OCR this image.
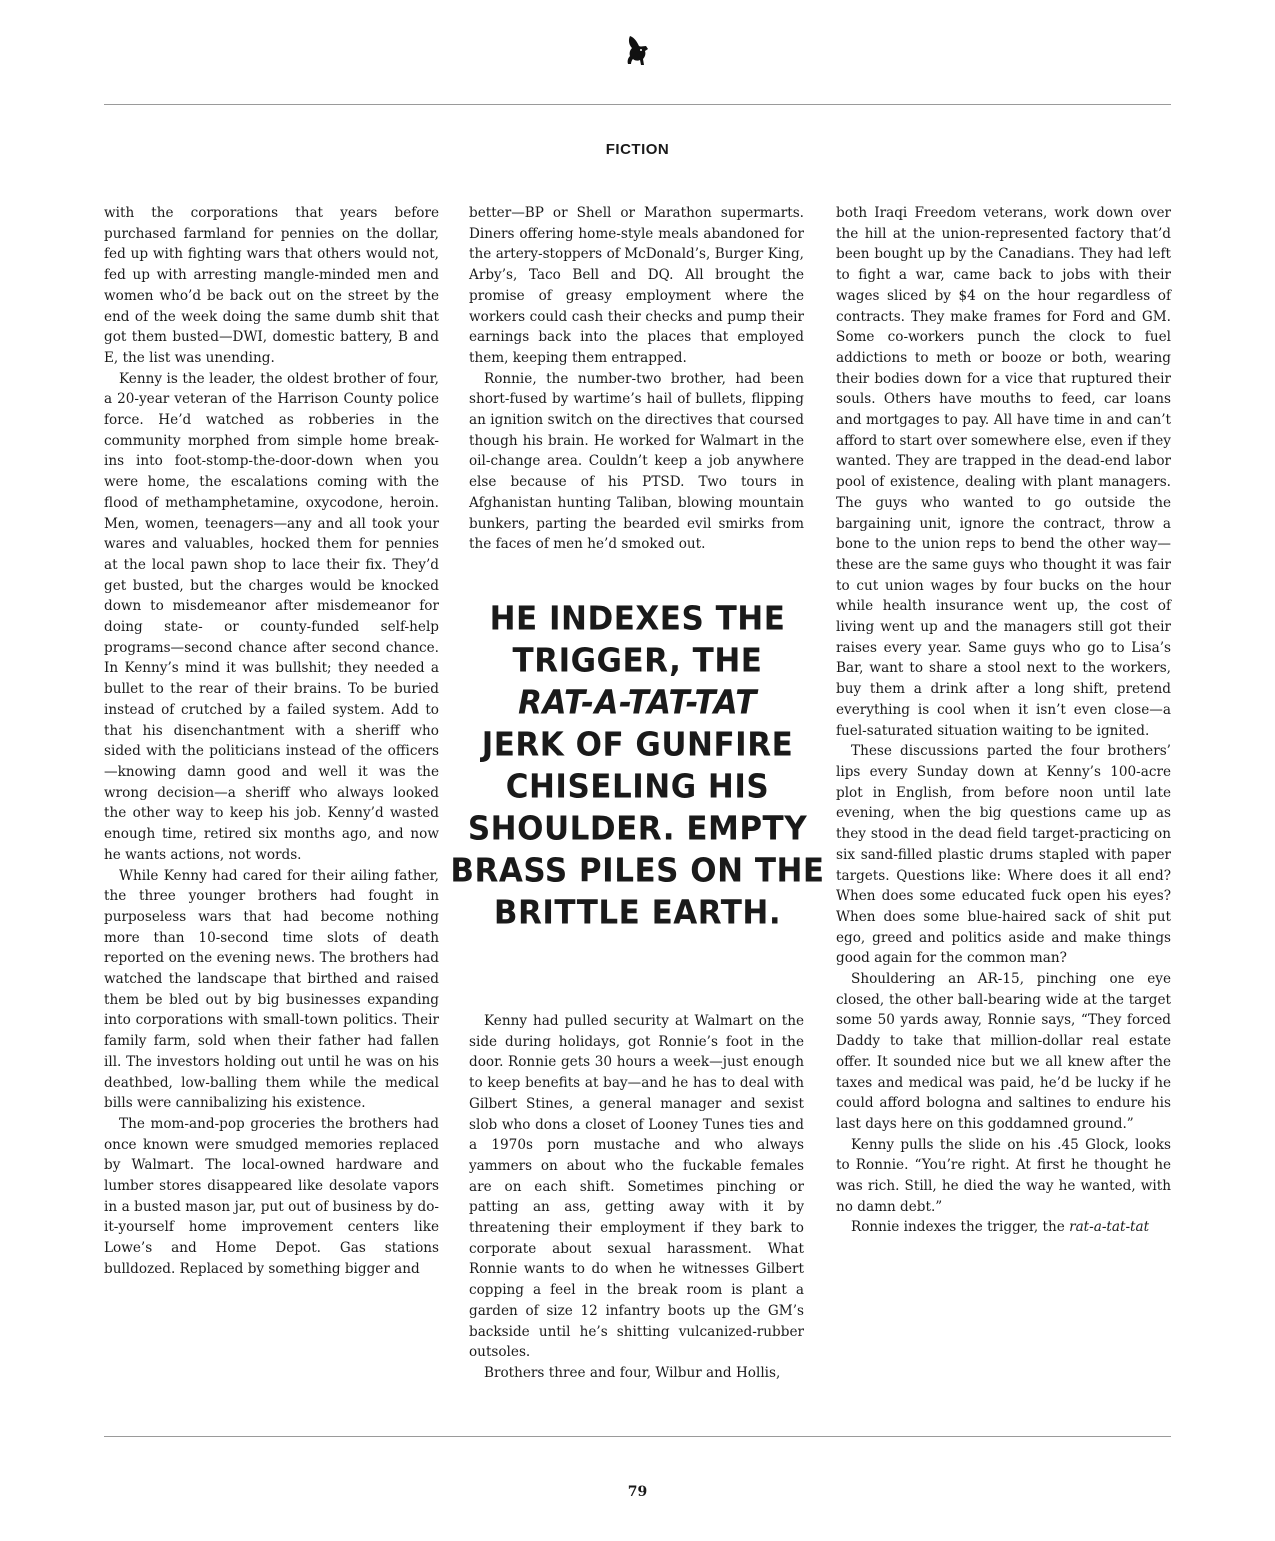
FICTION

with the corporations that years before purchased farmland for pennies on the dollar, fed up with fighting wars that others would not, fed up with arresting mangle-minded men and women who’d be back out on the street by the end of the week doing the same dumb shit that got them busted—DWI, domestic battery, B and E, the list was unending.

Kenny is the leader, the oldest brother of four, a 20-year veteran of the Harrison County police force. He’d watched as robberies in the community morphed from simple home break-ins into foot-stomp-the-door-down when you were home, the escalations coming with the flood of methamphetamine, oxycodone, heroin. Men, women, teenagers—any and all took your wares and valuables, hocked them for pennies at the local pawn shop to lace their fix. They’d get busted, but the charges would be knocked down to misdemeanor after misdemeanor for doing state- or county-funded self-help programs—second chance after second chance. In Kenny’s mind it was bullshit; they needed a bullet to the rear of their brains. To be buried instead of crutched by a failed system. Add to that his disenchantment with a sheriff who sided with the politicians instead of the officers—knowing damn good and well it was the wrong decision—a sheriff who always looked the other way to keep his job. Kenny’d wasted enough time, retired six months ago, and now he wants actions, not words.

While Kenny had cared for their ailing father, the three younger brothers had fought in purposeless wars that had become nothing more than 10-second time slots of death reported on the evening news. The brothers had watched the landscape that birthed and raised them be bled out by big businesses expanding into corporations with small-town politics. Their family farm, sold when their father had fallen ill. The investors holding out until he was on his deathbed, low-balling them while the medical bills were cannibalizing his existence.

The mom-and-pop groceries the brothers had once known were smudged memories replaced by Walmart. The local-owned hardware and lumber stores disappeared like desolate vapors in a busted mason jar, put out of business by do-it-yourself home improvement centers like Lowe’s and Home Depot. Gas stations bulldozed. Replaced by something bigger and

better—BP or Shell or Marathon supermarts. Diners offering home-style meals abandoned for the artery-stoppers of McDonald’s, Burger King, Arby’s, Taco Bell and DQ. All brought the promise of greasy employment where the workers could cash their checks and pump their earnings back into the places that employed them, keeping them entrapped.

Ronnie, the number-two brother, had been short-fused by wartime’s hail of bullets, flipping an ignition switch on the directives that coursed though his brain. He worked for Walmart in the oil-change area. Couldn’t keep a job anywhere else because of his PTSD. Two tours in Afghanistan hunting Taliban, blowing mountain bunkers, parting the bearded evil smirks from the faces of men he’d smoked out.

HE INDEXES THE TRIGGER, THE
RAT-A-TAT-TAT
JERK OF GUNFIRE CHISELING HIS SHOULDER. EMPTY BRASS PILES ON THE BRITTLE EARTH.

Kenny had pulled security at Walmart on the side during holidays, got Ronnie’s foot in the door. Ronnie gets 30 hours a week—just enough to keep benefits at bay—and he has to deal with Gilbert Stines, a general manager and sexist slob who dons a closet of Looney Tunes ties and a 1970s porn mustache and who always yammers on about who the fuckable females are on each shift. Sometimes pinching or patting an ass, getting away with it by threatening their employment if they bark to corporate about sexual harassment. What Ronnie wants to do when he witnesses Gilbert copping a feel in the break room is plant a garden of size 12 infantry boots up the GM’s backside until he’s shitting vulcanized-rubber outsoles.

Brothers three and four, Wilbur and Hollis,

both Iraqi Freedom veterans, work down over the hill at the union-represented factory that’d been bought up by the Canadians. They had left to fight a war, came back to jobs with their wages sliced by $4 on the hour regardless of contracts. They make frames for Ford and GM. Some co-workers punch the clock to fuel addictions to meth or booze or both, wearing their bodies down for a vice that ruptured their souls. Others have mouths to feed, car loans and mortgages to pay. All have time in and can’t afford to start over somewhere else, even if they wanted. They are trapped in the dead-end labor pool of existence, dealing with plant managers. The guys who wanted to go outside the bargaining unit, ignore the contract, throw a bone to the union reps to bend the other way—these are the same guys who thought it was fair to cut union wages by four bucks on the hour while health insurance went up, the cost of living went up and the managers still got their raises every year. Same guys who go to Lisa’s Bar, want to share a stool next to the workers, buy them a drink after a long shift, pretend everything is cool when it isn’t even close—a fuel-saturated situation waiting to be ignited.

These discussions parted the four brothers’ lips every Sunday down at Kenny’s 100-acre plot in English, from before noon until late evening, when the big questions came up as they stood in the dead field target-practicing on six sand-filled plastic drums stapled with paper targets. Questions like: Where does it all end? When does some educated fuck open his eyes? When does some blue-haired sack of shit put ego, greed and politics aside and make things good again for the common man?

Shouldering an AR-15, pinching one eye closed, the other ball-bearing wide at the target some 50 yards away, Ronnie says, “They forced Daddy to take that million-dollar real estate offer. It sounded nice but we all knew after the taxes and medical was paid, he’d be lucky if he could afford bologna and saltines to endure his last days here on this goddamned ground.”

Kenny pulls the slide on his .45 Glock, looks to Ronnie. “You’re right. At first he thought he was rich. Still, he died the way he wanted, with no damn debt.”

Ronnie indexes the trigger, the rat-a-tat-tat

79
